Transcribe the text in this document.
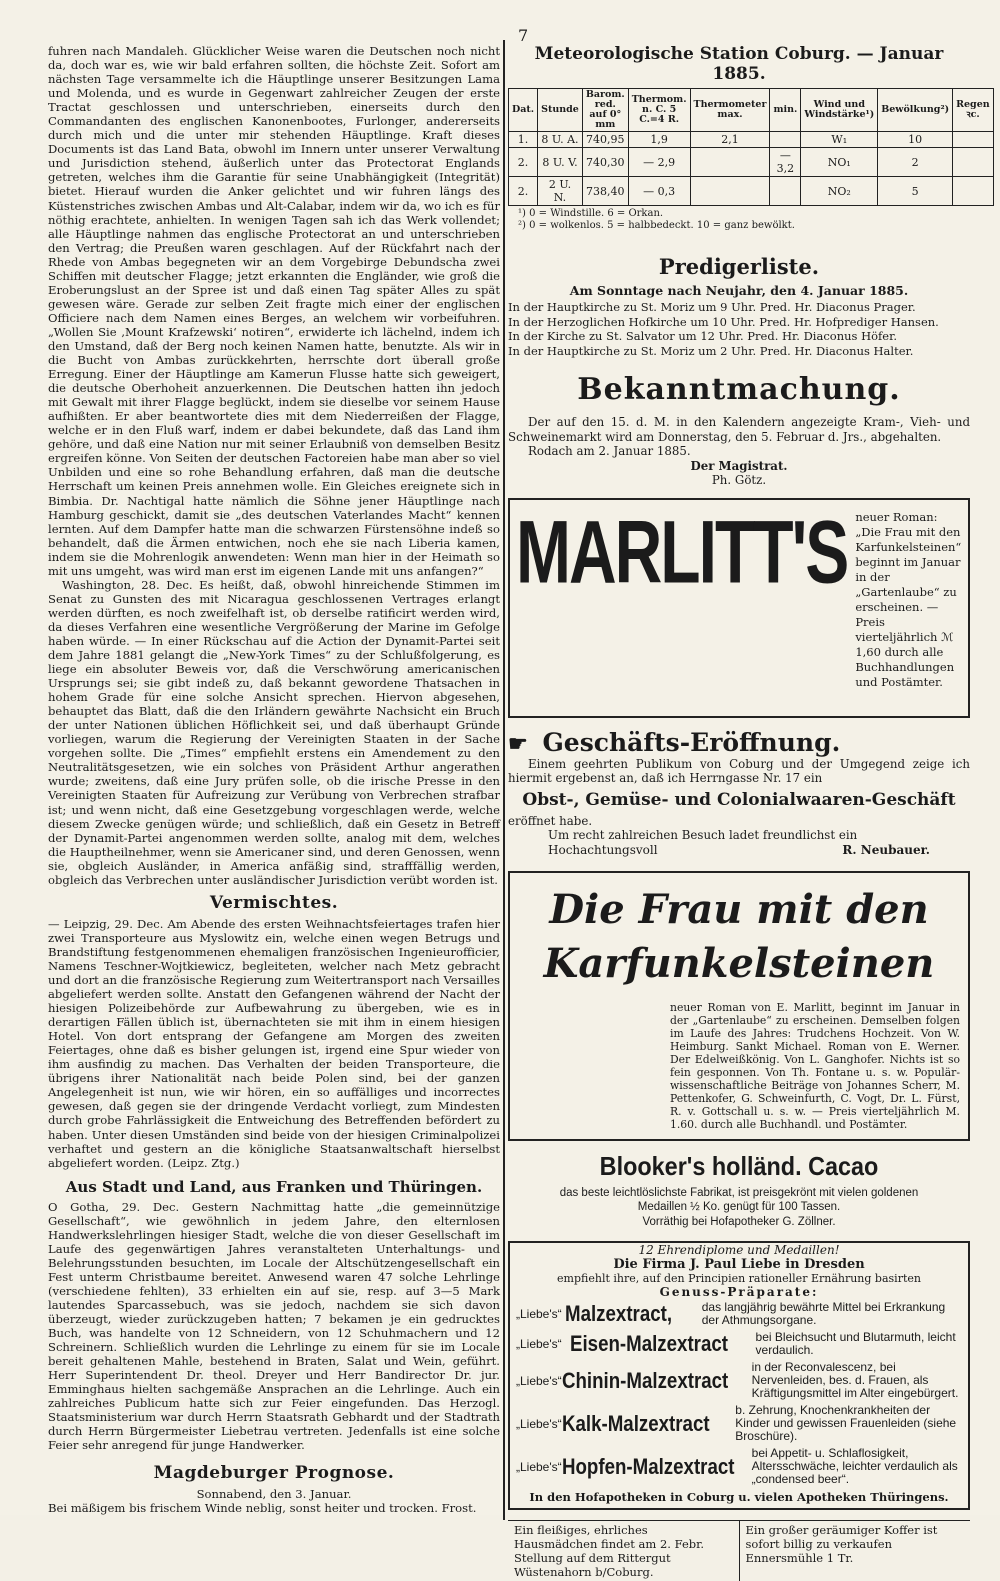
7

fuhren nach Mandaleh. Glücklicher Weise waren die Deutschen noch nicht da, doch war es, wie wir bald erfahren sollten, die höchste Zeit. Sofort am nächsten Tage versammelte ich die Häuptlinge unserer Besitzungen Lama und Molenda, und es wurde in Gegenwart zahlreicher Zeugen der erste Tractat geschlossen und unterschrieben, einerseits durch den Commandanten des englischen Kanonenbootes, Furlonger, andererseits durch mich und die unter mir stehenden Häuptlinge. Kraft dieses Documents ist das Land Bata, obwohl im Innern unter unserer Verwaltung und Jurisdiction stehend, äußerlich unter das Protectorat Englands getreten, welches ihm die Garantie für seine Unabhängigkeit (Integrität) bietet. Hierauf wurden die Anker gelichtet und wir fuhren längs des Küstenstriches zwischen Ambas und Alt-Calabar, indem wir da, wo ich es für nöthig erachtete, anhielten. In wenigen Tagen sah ich das Werk vollendet; alle Häuptlinge nahmen das englische Protectorat an und unterschrieben den Vertrag; die Preußen waren geschlagen. Auf der Rückfahrt nach der Rhede von Ambas begegneten wir an dem Vorgebirge Debundscha zwei Schiffen mit deutscher Flagge; jetzt erkannten die Engländer, wie groß die Eroberungslust an der Spree ist und daß einen Tag später Alles zu spät gewesen wäre. Gerade zur selben Zeit fragte mich einer der englischen Officiere nach dem Namen eines Berges, an welchem wir vorbeifuhren. „Wollen Sie ‚Mount Krafzewski‘ notiren“, erwiderte ich lächelnd, indem ich den Umstand, daß der Berg noch keinen Namen hatte, benutzte. Als wir in die Bucht von Ambas zurückkehrten, herrschte dort überall große Erregung. Einer der Häuptlinge am Kamerun Flusse hatte sich geweigert, die deutsche Oberhoheit anzuerkennen. Die Deutschen hatten ihn jedoch mit Gewalt mit ihrer Flagge beglückt, indem sie dieselbe vor seinem Hause aufhißten. Er aber beantwortete dies mit dem Niederreißen der Flagge, welche er in den Fluß warf, indem er dabei bekundete, daß das Land ihm gehöre, und daß eine Nation nur mit seiner Erlaubniß von demselben Besitz ergreifen könne. Von Seiten der deutschen Factoreien habe man aber so viel Unbilden und eine so rohe Behandlung erfahren, daß man die deutsche Herrschaft um keinen Preis annehmen wolle. Ein Gleiches ereignete sich in Bimbia. Dr. Nachtigal hatte nämlich die Söhne jener Häuptlinge nach Hamburg geschickt, damit sie „des deutschen Vaterlandes Macht“ kennen lernten. Auf dem Dampfer hatte man die schwarzen Fürstensöhne indeß so behandelt, daß die Ärmen entwichen, noch ehe sie nach Liberia kamen, indem sie die Mohrenlogik anwendeten: Wenn man hier in der Heimath so mit uns umgeht, was wird man erst im eigenen Lande mit uns anfangen?“

Washington, 28. Dec. Es heißt, daß, obwohl hinreichende Stimmen im Senat zu Gunsten des mit Nicaragua geschlossenen Vertrages erlangt werden dürften, es noch zweifelhaft ist, ob derselbe ratificirt werden wird, da dieses Verfahren eine wesentliche Vergrößerung der Marine im Gefolge haben würde. — In einer Rückschau auf die Action der Dynamit-Partei seit dem Jahre 1881 gelangt die „New-York Times“ zu der Schlußfolgerung, es liege ein absoluter Beweis vor, daß die Verschwörung americanischen Ursprungs sei; sie gibt indeß zu, daß bekannt gewordene Thatsachen in hohem Grade für eine solche Ansicht sprechen. Hiervon abgesehen, behauptet das Blatt, daß die den Irländern gewährte Nachsicht ein Bruch der unter Nationen üblichen Höflichkeit sei, und daß überhaupt Gründe vorliegen, warum die Regierung der Vereinigten Staaten in der Sache vorgehen sollte. Die „Times“ empfiehlt erstens ein Amendement zu den Neutralitätsgesetzen, wie ein solches von Präsident Arthur angerathen wurde; zweitens, daß eine Jury prüfen solle, ob die irische Presse in den Vereinigten Staaten für Aufreizung zur Verübung von Verbrechen strafbar ist; und wenn nicht, daß eine Gesetzgebung vorgeschlagen werde, welche diesem Zwecke genügen würde; und schließlich, daß ein Gesetz in Betreff der Dynamit-Partei angenommen werden sollte, analog mit dem, welches die Hauptheilnehmer, wenn sie Americaner sind, und deren Genossen, wenn sie, obgleich Ausländer, in America anfäßig sind, strafffällig werden, obgleich das Verbrechen unter ausländischer Jurisdiction verübt worden ist.

Vermischtes.

— Leipzig, 29. Dec. Am Abende des ersten Weihnachtsfeiertages trafen hier zwei Transporteure aus Myslowitz ein, welche einen wegen Betrugs und Brandstiftung festgenommenen ehemaligen französischen Ingenieurofficier, Namens Teschner-Wojtkiewicz, begleiteten, welcher nach Metz gebracht und dort an die französische Regierung zum Weitertransport nach Versailles abgeliefert werden sollte. Anstatt den Gefangenen während der Nacht der hiesigen Polizeibehörde zur Aufbewahrung zu übergeben, wie es in derartigen Fällen üblich ist, übernachteten sie mit ihm in einem hiesigen Hotel. Von dort entsprang der Gefangene am Morgen des zweiten Feiertages, ohne daß es bisher gelungen ist, irgend eine Spur wieder von ihm ausfindig zu machen. Das Verhalten der beiden Transporteure, die übrigens ihrer Nationalität nach beide Polen sind, bei der ganzen Angelegenheit ist nun, wie wir hören, ein so auffälliges und incorrectes gewesen, daß gegen sie der dringende Verdacht vorliegt, zum Mindesten durch grobe Fahrlässigkeit die Entweichung des Betreffenden befördert zu haben. Unter diesen Umständen sind beide von der hiesigen Criminalpolizei verhaftet und gestern an die königliche Staatsanwaltschaft hierselbst abgeliefert worden. (Leipz. Ztg.)

Aus Stadt und Land, aus Franken und Thüringen.

O Gotha, 29. Dec. Gestern Nachmittag hatte „die gemeinnützige Gesellschaft“, wie gewöhnlich in jedem Jahre, den elternlosen Handwerkslehrlingen hiesiger Stadt, welche die von dieser Gesellschaft im Laufe des gegenwärtigen Jahres veranstalteten Unterhaltungs- und Belehrungsstunden besuchten, im Locale der Altschützengesellschaft ein Fest unterm Christbaume bereitet. Anwesend waren 47 solche Lehrlinge (verschiedene fehlten), 33 erhielten ein auf sie, resp. auf 3—5 Mark lautendes Sparcassebuch, was sie jedoch, nachdem sie sich davon überzeugt, wieder zurückzugeben hatten; 7 bekamen je ein gedrucktes Buch, was handelte von 12 Schneidern, von 12 Schuhmachern und 12 Schreinern. Schließlich wurden die Lehrlinge zu einem für sie im Locale bereit gehaltenen Mahle, bestehend in Braten, Salat und Wein, geführt. Herr Superintendent Dr. theol. Dreyer und Herr Bandirector Dr. jur. Emminghaus hielten sachgemäße Ansprachen an die Lehrlinge. Auch ein zahlreiches Publicum hatte sich zur Feier eingefunden. Das Herzogl. Staatsministerium war durch Herrn Staatsrath Gebhardt und der Stadtrath durch Herrn Bürgermeister Liebetrau vertreten. Jedenfalls ist eine solche Feier sehr anregend für junge Handwerker.

Magdeburger Prognose.

Sonnabend, den 3. Januar.

Bei mäßigem bis frischem Winde neblig, sonst heiter und trocken. Frost.

Meteorologische Station Coburg. — Januar 1885.
Dat.	Stunde	Barom. red. auf 0° mm	Thermom. n. C. 5 C.=4 R.	Thermometer max.	min.	Wind und Windstärke¹)	Bewölkung²)	Regen ꝛc.
1.	8 U. A.	740,95	1,9	2,1		W₁	10	
2.	8 U. V.	740,30	— 2,9		— 3,2	NO₁	2	
2.	2 U. N.	738,40	— 0,3			NO₂	5	
¹) 0 = Windstille. 6 = Orkan.
²) 0 = wolkenlos. 5 = halbbedeckt. 10 = ganz bewölkt.
Predigerliste.
Am Sonntage nach Neujahr, den 4. Januar 1885.
In der Hauptkirche zu St. Moriz um 9 Uhr. Pred. Hr. Diaconus Prager.
In der Herzoglichen Hofkirche um 10 Uhr. Pred. Hr. Hofprediger Hansen.
In der Kirche zu St. Salvator um 12 Uhr. Pred. Hr. Diaconus Höfer.
In der Hauptkirche zu St. Moriz um 2 Uhr. Pred. Hr. Diaconus Halter.
Bekanntmachung.

Der auf den 15. d. M. in den Kalendern angezeigte Kram-, Vieh- und Schweinemarkt wird am Donnerstag, den 5. Februar d. Jrs., abgehalten.

Rodach am 2. Januar 1885.

Der Magistrat.

Ph. Götz.

MARLITT'S neuer Roman: „Die Frau mit den Karfunkelsteinen“ beginnt im Januar in der „Gartenlaube“ zu erscheinen. — Preis vierteljährlich ℳ 1,60 durch alle Buchhandlungen und Postämter.
☛ Geschäfts-Eröffnung.

Einem geehrten Publikum von Coburg und der Umgegend zeige ich hiermit ergebenst an, daß ich Herrngasse Nr. 17 ein

Obst-, Gemüse- und Colonialwaaren-Geschäft

eröffnet habe.

Um recht zahlreichen Besuch ladet freundlichst ein

Hochachtungsvoll	R. Neubauer.
Die Frau mit den Karfunkelsteinen

neuer Roman von E. Marlitt, beginnt im Januar in der „Gartenlaube“ zu erscheinen. Demselben folgen im Laufe des Jahres: Trudchens Hochzeit. Von W. Heimburg. Sankt Michael. Roman von E. Werner. Der Edelweißkönig. Von L. Ganghofer. Nichts ist so fein gesponnen. Von Th. Fontane u. s. w. Populär-wissenschaftliche Beiträge von Johannes Scherr, M. Pettenkofer, G. Schweinfurth, C. Vogt, Dr. L. Fürst, R. v. Gottschall u. s. w. — Preis vierteljährlich M. 1.60. durch alle Buchhandl. und Postämter.

Blooker's holländ. Cacao

das beste leichtlöslichste Fabrikat, ist preisgekrönt mit vielen goldenen

Medaillen ½ Ko. genügt für 100 Tassen.

Vorräthig bei Hofapotheker G. Zöllner.

12 Ehrendiplome und Medaillen!
Die Firma J. Paul Liebe in Dresden
empfiehlt ihre, auf den Principien rationeller Ernährung basirten
Genuss-Präparate:
„Liebe's“ Malzextract,	das langjährig bewährte Mittel bei Erkrankung der Athmungsorgane.
„Liebe's“ Eisen-Malzextract bei Bleichsucht und Blutarmuth, leicht verdaulich.
„Liebe's“ Chinin-Malzextract
in der Reconvalescenz, bei Nervenleiden, bes. d. Frauen, als Kräftigungsmittel im Alter eingebürgert.
„Liebe's“ Kalk-Malzextract
b. Zehrung, Knochenkrankheiten der Kinder und gewissen Frauenleiden (siehe Broschüre).
„Liebe's“ Hopfen-Malzextract
bei Appetit- u. Schlaflosigkeit, Altersschwäche, leichter verdaulich als „condensed beer“.
In den Hofapotheken in Coburg u. vielen Apotheken Thüringens.
Ein fleißiges, ehrliches Hausmädchen findet am 2. Febr. Stellung auf dem Rittergut Wüstenahorn b/Coburg.
Ein großer geräumiger Koffer ist sofort billig zu verkaufen Ennersmühle 1 Tr.
